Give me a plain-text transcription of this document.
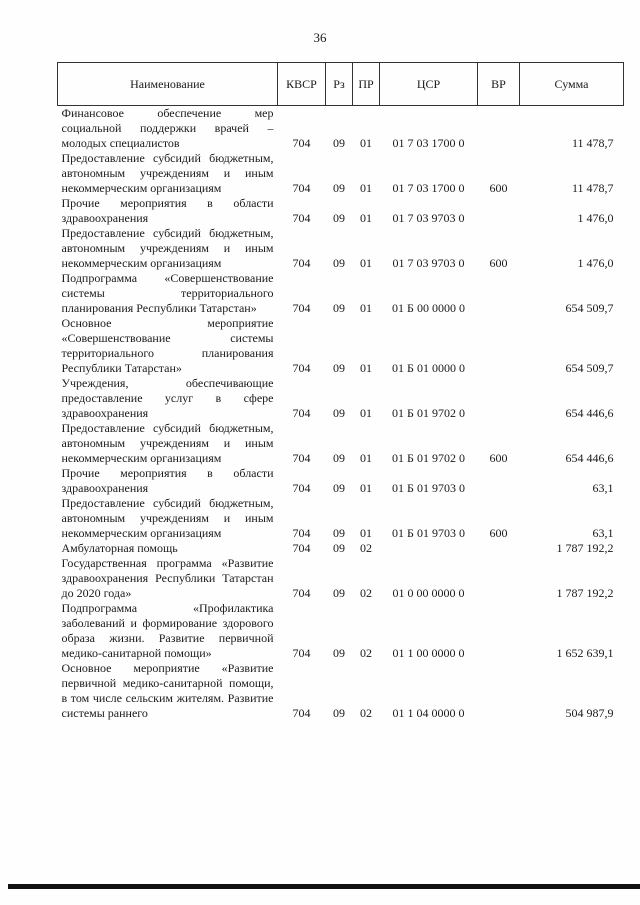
36
Наименование	КВСР	Рз	ПР	ЦСР	ВР	Сумма
Финансовое обеспечение мер социальной поддержки врачей – молодых специалистов	704	09	01	01 7 03 1700 0		11 478,7
Предоставление субсидий бюджетным, автономным учреждениям и иным некоммерческим организациям	704	09	01	01 7 03 1700 0	600	11 478,7
Прочие мероприятия в области здравоохранения	704	09	01	01 7 03 9703 0		1 476,0
Предоставление субсидий бюджетным, автономным учреждениям и иным некоммерческим организациям	704	09	01	01 7 03 9703 0	600	1 476,0
Подпрограмма «Совершенствование системы территориального планирования Республики Татарстан»	704	09	01	01 Б 00 0000 0		654 509,7
Основное мероприятие «Совершенствование системы территориального планирования Республики Татарстан»	704	09	01	01 Б 01 0000 0		654 509,7
Учреждения, обеспечивающие предоставление услуг в сфере здравоохранения	704	09	01	01 Б 01 9702 0		654 446,6
Предоставление субсидий бюджетным, автономным учреждениям и иным некоммерческим организациям	704	09	01	01 Б 01 9702 0	600	654 446,6
Прочие мероприятия в области здравоохранения	704	09	01	01 Б 01 9703 0		63,1
Предоставление субсидий бюджетным, автономным учреждениям и иным некоммерческим организациям	704	09	01	01 Б 01 9703 0	600	63,1
Амбулаторная помощь	704	09	02			1 787 192,2
Государственная программа «Развитие здравоохранения Республики Татарстан до 2020 года»	704	09	02	01 0 00 0000 0		1 787 192,2
Подпрограмма «Профилактика заболеваний и формирование здорового образа жизни. Развитие первичной медико-санитарной помощи»	704	09	02	01 1 00 0000 0		1 652 639,1
Основное мероприятие «Развитие первичной медико-санитарной помощи, в том числе сельским жителям. Развитие системы раннего	704	09	02	01 1 04 0000 0		504 987,9
